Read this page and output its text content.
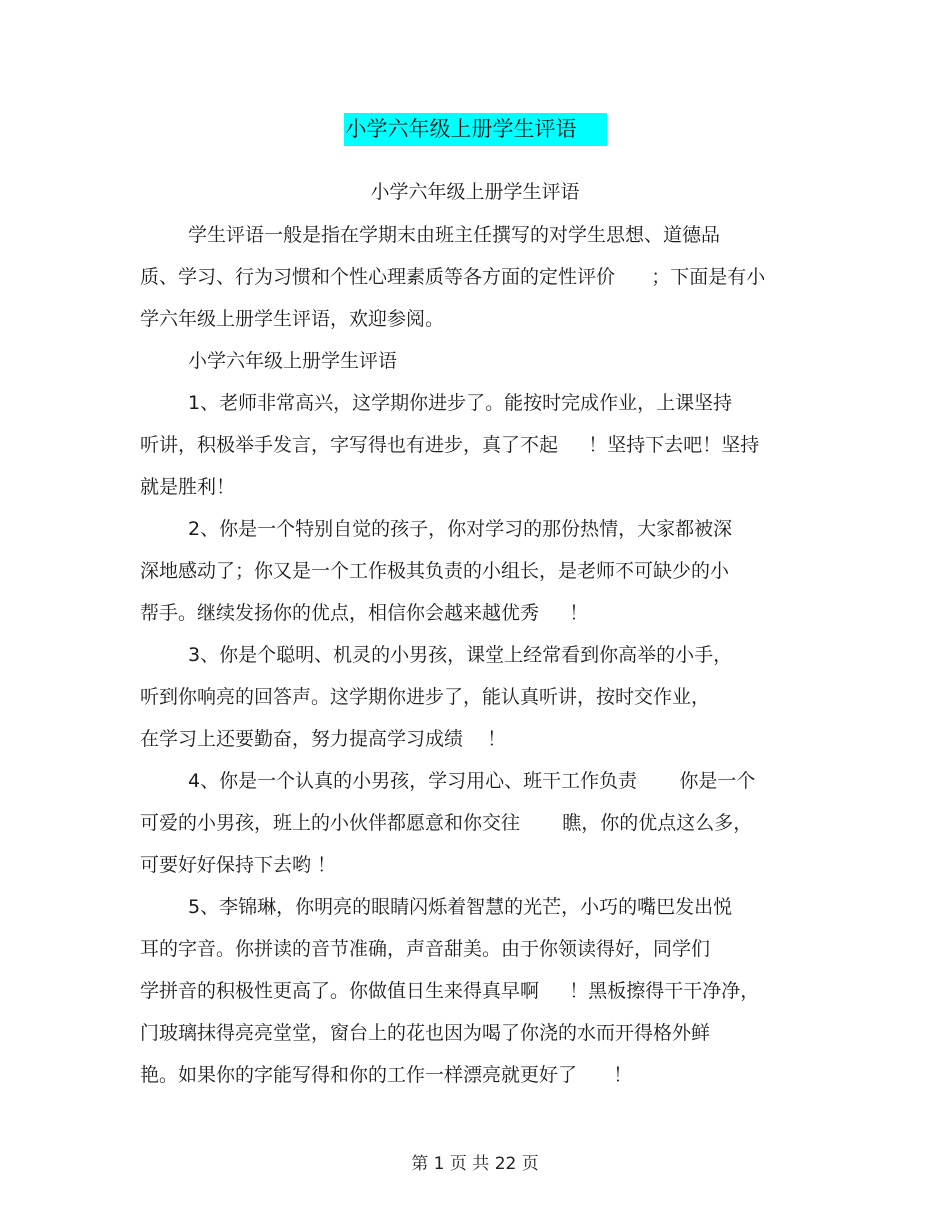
小学六年级上册学生评语
小学六年级上册学生评语
学生评语一般是指在学期末由班主任撰写的对学生思想、道德品
质、学习、行为习惯和个性心理素质等各方面的定性评价      ；下面是有小
学六年级上册学生评语，欢迎参阅。
小学六年级上册学生评语
1、老师非常高兴，这学期你进步了。能按时完成作业，上课坚持
听讲，积极举手发言，字写得也有进步，真了不起     ！坚持下去吧！坚持
就是胜利！
2、你是一个特别自觉的孩子，你对学习的那份热情，大家都被深
深地感动了；你又是一个工作极其负责的小组长，是老师不可缺少的小
帮手。继续发扬你的优点，相信你会越来越优秀     ！
3、你是个聪明、机灵的小男孩，课堂上经常看到你高举的小手，
听到你响亮的回答声。这学期你进步了，能认真听讲，按时交作业，
在学习上还要勤奋，努力提高学习成绩    ！
4、你是一个认真的小男孩，学习用心、班干工作负责       你是一个
可爱的小男孩，班上的小伙伴都愿意和你交往       瞧，你的优点这么多，
可要好好保持下去哟 ！
5、李锦琳，你明亮的眼睛闪烁着智慧的光芒，小巧的嘴巴发出悦
耳的字音。你拼读的音节准确，声音甜美。由于你领读得好，同学们
学拼音的积极性更高了。你做值日生来得真早啊     ！黑板擦得干干净净，
门玻璃抹得亮亮堂堂，窗台上的花也因为喝了你浇的水而开得格外鲜
艳。如果你的字能写得和你的工作一样漂亮就更好了      ！
第 1 页 共 22 页
